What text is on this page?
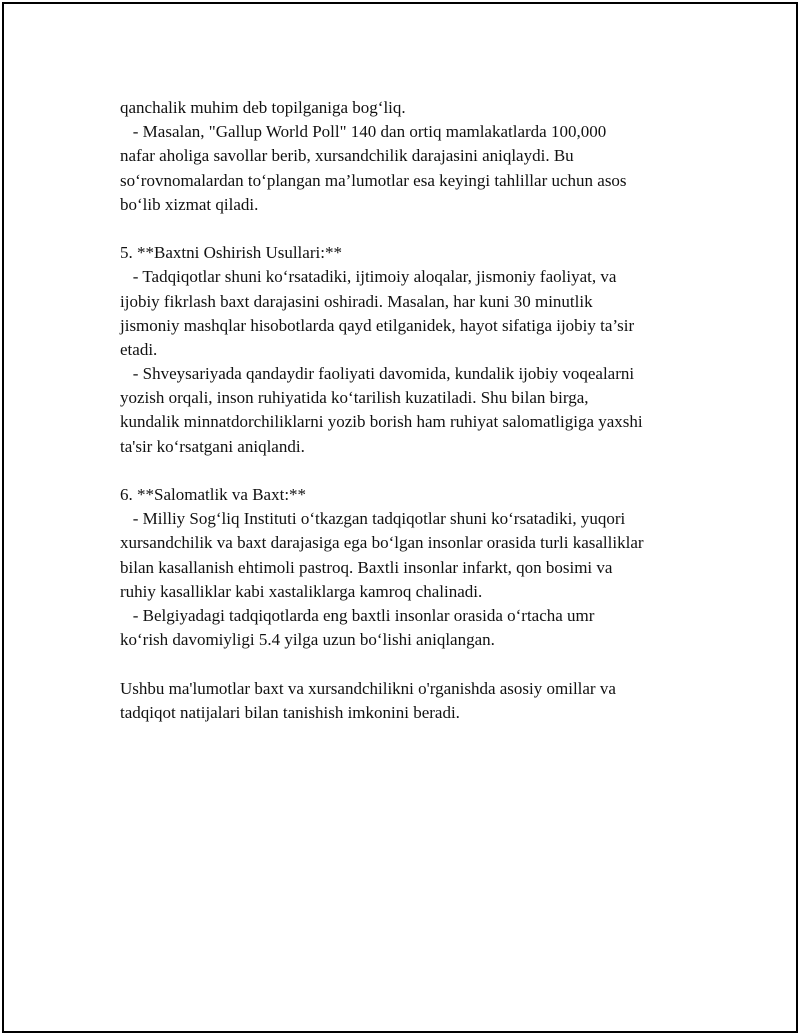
qanchalik muhim deb topilganiga bog‘liq.
- Masalan, "Gallup World Poll" 140 dan ortiq mamlakatlarda 100,000
nafar aholiga savollar berib, xursandchilik darajasini aniqlaydi. Bu
so‘rovnomalardan to‘plangan ma’lumotlar esa keyingi tahlillar uchun asos
bo‘lib xizmat qiladi.
5. **Baxtni Oshirish Usullari:**
- Tadqiqotlar shuni ko‘rsatadiki, ijtimoiy aloqalar, jismoniy faoliyat, va
ijobiy fikrlash baxt darajasini oshiradi. Masalan, har kuni 30 minutlik
jismoniy mashqlar hisobotlarda qayd etilganidek, hayot sifatiga ijobiy ta’sir
etadi.
- Shveysariyada qandaydir faoliyati davomida, kundalik ijobiy voqealarni
yozish orqali, inson ruhiyatida ko‘tarilish kuzatiladi. Shu bilan birga,
kundalik minnatdorchiliklarni yozib borish ham ruhiyat salomatligiga yaxshi
ta'sir ko‘rsatgani aniqlandi.
6. **Salomatlik va Baxt:**
- Milliy Sog‘liq Instituti o‘tkazgan tadqiqotlar shuni ko‘rsatadiki, yuqori
xursandchilik va baxt darajasiga ega bo‘lgan insonlar orasida turli kasalliklar
bilan kasallanish ehtimoli pastroq. Baxtli insonlar infarkt, qon bosimi va
ruhiy kasalliklar kabi xastaliklarga kamroq chalinadi.
- Belgiyadagi tadqiqotlarda eng baxtli insonlar orasida o‘rtacha umr
ko‘rish davomiyligi 5.4 yilga uzun bo‘lishi aniqlangan.
Ushbu ma'lumotlar baxt va xursandchilikni o'rganishda asosiy omillar va
tadqiqot natijalari bilan tanishish imkonini beradi.
